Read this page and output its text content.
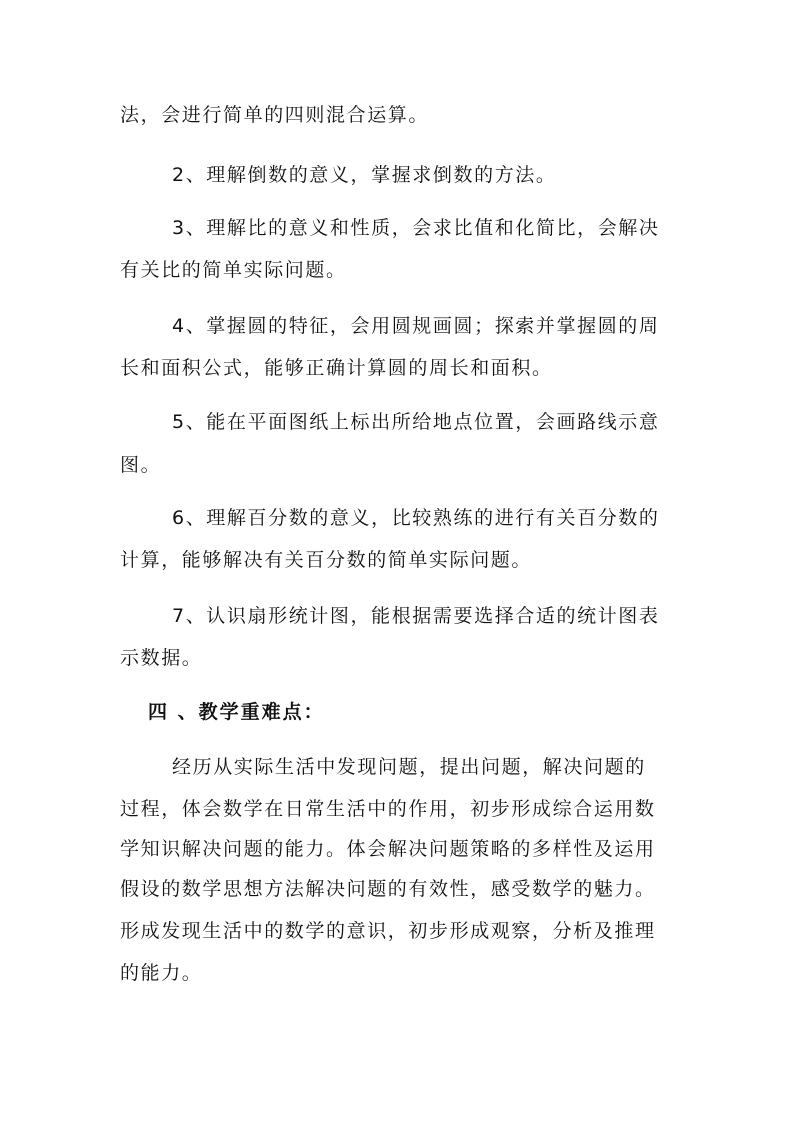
法，会进行简单的四则混合运算。
2、理解倒数的意义，掌握求倒数的方法。
3、理解比的意义和性质，会求比值和化简比，会解决
有关比的简单实际问题。
4、掌握圆的特征，会用圆规画圆；探索并掌握圆的周
长和面积公式，能够正确计算圆的周长和面积。
5、能在平面图纸上标出所给地点位置，会画路线示意
图。
6、理解百分数的意义，比较熟练的进行有关百分数的
计算，能够解决有关百分数的简单实际问题。
7、认识扇形统计图，能根据需要选择合适的统计图表
示数据。
四 、教学重难点：
经历从实际生活中发现问题，提出问题，解决问题的
过程，体会数学在日常生活中的作用，初步形成综合运用数
学知识解决问题的能力。体会解决问题策略的多样性及运用
假设的数学思想方法解决问题的有效性，感受数学的魅力。
形成发现生活中的数学的意识，初步形成观察，分析及推理
的能力。
